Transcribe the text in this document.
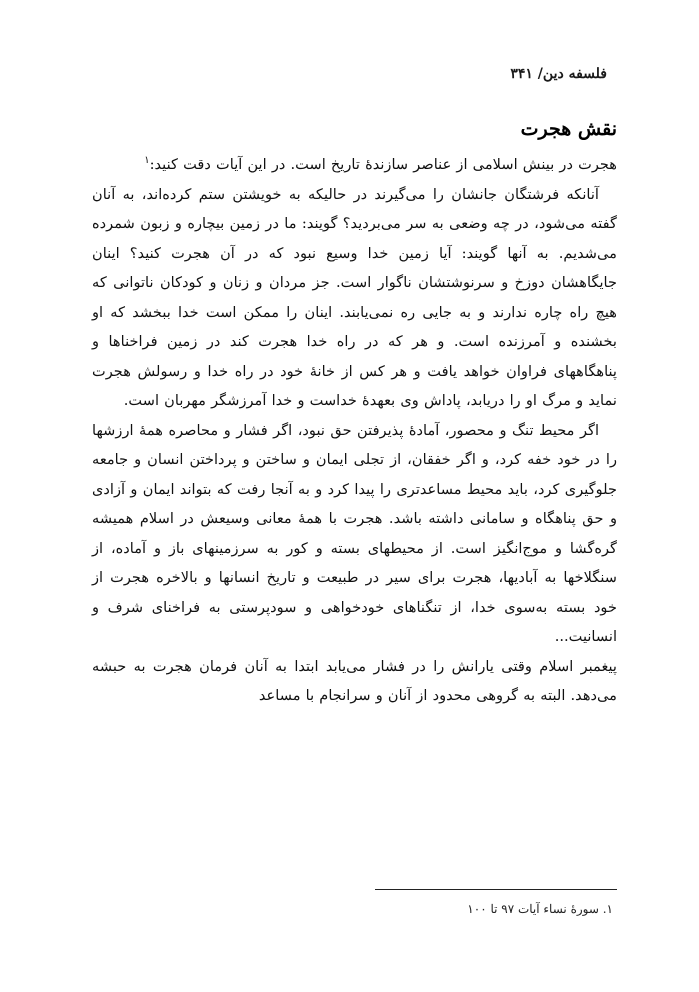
فلسفه دین/ ۳۴۱
نقش هجرت

هجرت در بینش اسلامی از عناصر سازندهٔ تاریخ است. در این آیات دقت کنید:$^۱$

آنانکه فرشتگان جانشان را می‌گیرند در حالیکه به خویشتن ستم کرده‌اند، به آنان گفته می‌شود، در چه وضعی به سر می‌بردید؟ گویند: ما در زمین بیچاره و زبون شمرده می‌شدیم. به آنها گویند: آیا زمین خدا وسیع نبود که در آن هجرت کنید؟ اینان جایگاهشان دوزخ و سرنوشتشان ناگوار است. جز مردان و زنان و کودکان ناتوانی که هیچ راه چاره ندارند و به جایی ره نمی‌یابند. اینان را ممکن است خدا ببخشد که او بخشنده و آمرزنده است. و هر که در راه خدا هجرت کند در زمین فراخناها و پناهگاههای فراوان خواهد یافت و هر کس از خانهٔ خود در راه خدا و رسولش هجرت نماید و مرگ او را دریابد، پاداش وی بعهدهٔ خداست و خدا آمرزشگر مهربان است.

اگر محیط تنگ و محصور، آمادهٔ پذیرفتن حق نبود، اگر فشار و محاصره همهٔ ارزشها را در خود خفه کرد، و اگر خفقان، از تجلی ایمان و ساختن و پرداختن انسان و جامعه جلوگیری کرد، باید محیط مساعدتری را پیدا کرد و به آنجا رفت که بتواند ایمان و آزادی و حق پناهگاه و سامانی داشته باشد. هجرت با همهٔ معانی وسیعش در اسلام همیشه گره‌گشا و موج‌انگیز است. از محیطهای بسته و کور به سرزمینهای باز و آماده، از سنگلاخها به آبادیها، هجرت برای سیر در طبیعت و تاریخ انسانها و بالاخره هجرت از خود بسته به‌سوی خدا، از تنگناهای خودخواهی و سودپرستی به فراخنای شرف و انسانیت...

پیغمبر اسلام وقتی یارانش را در فشار می‌یابد ابتدا به آنان فرمان هجرت به حبشه می‌دهد. البته به گروهی محدود از آنان و سرانجام با مساعد

۱. سورهٔ نساء آیات ۹۷ تا ۱۰۰
